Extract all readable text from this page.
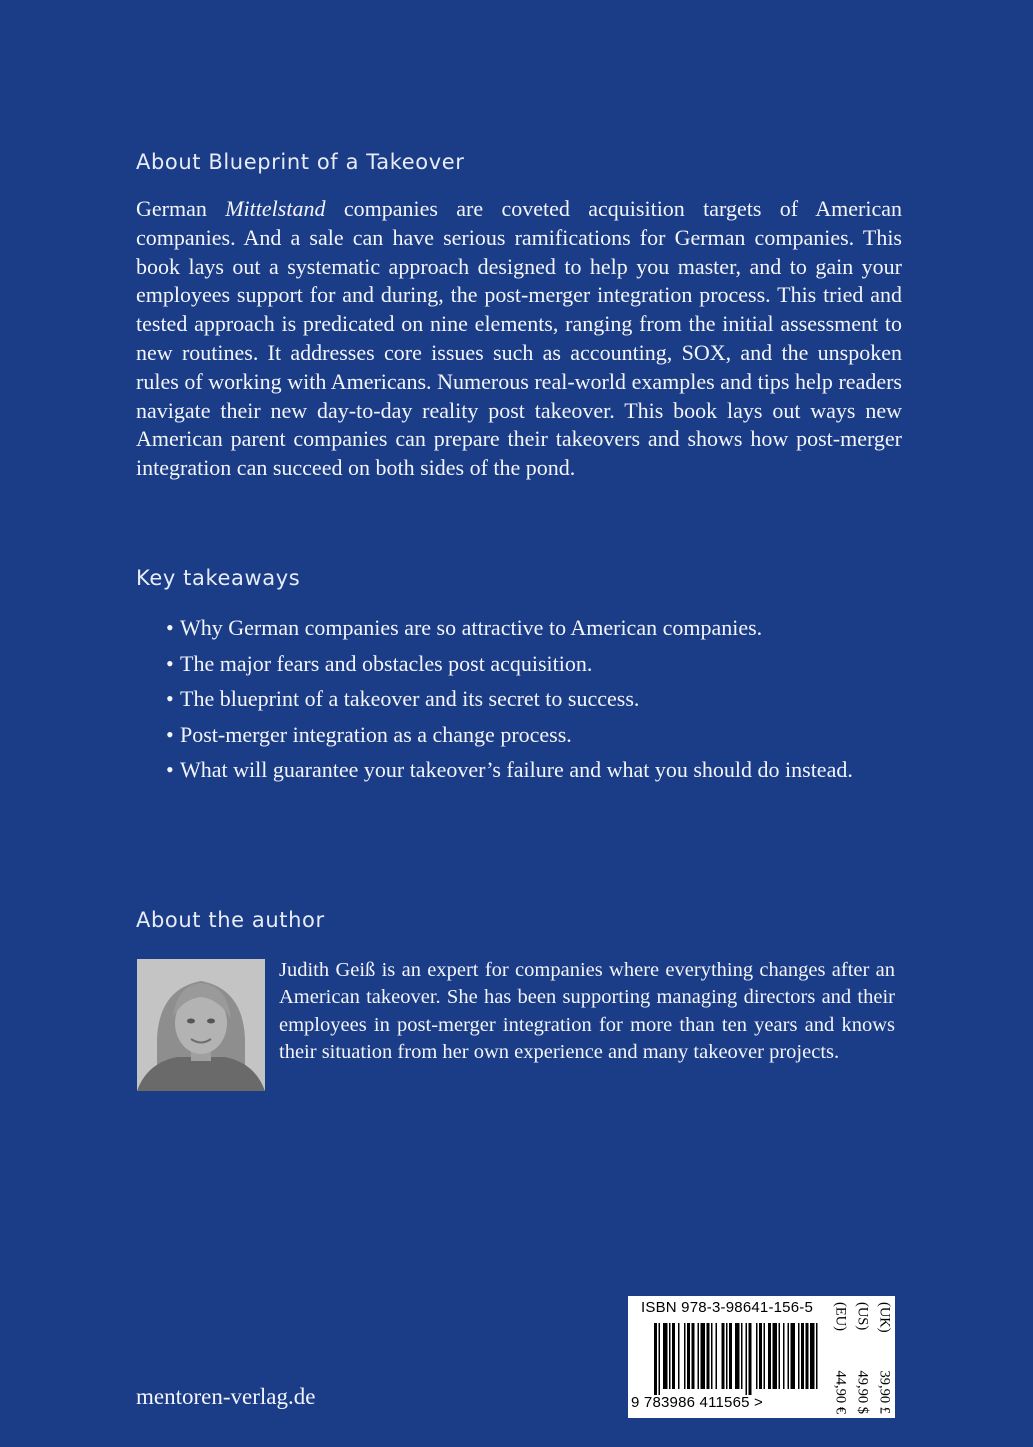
About Blueprint of a Takeover

German Mittelstand companies are coveted acquisition targets of American companies. And a sale can have serious ramifications for German companies. This book lays out a systematic approach designed to help you master, and to gain your employees support for and during, the post-merger integration process. This tried and tested approach is predicated on nine elements, ranging from the initial assessment to new routines. It addresses core issues such as accounting, SOX, and the unspoken rules of working with Americans. Numerous real-world examples and tips help readers navigate their new day-to-day reality post takeover. This book lays out ways new American parent companies can prepare their takeovers and shows how post-merger integration can succeed on both sides of the pond.

Key takeaways
• Why German companies are so attractive to American companies.
• The major fears and obstacles post acquisition.
• The blueprint of a takeover and its secret to success.
• Post-merger integration as a change process.
• What will guarantee your takeover’s failure and what you should do instead.
About the author

Judith Geiß is an expert for companies where everything changes after an American takeover. She has been supporting managing directors and their employees in post-merger integration for more than ten years and knows their situation from her own experience and many takeover projects.

mentoren-verlag.de
ISBN 978-3-98641-156-5
9 783986 411565 >
(EU)
44,90 €
(US)
49,90 $
(UK)
39,90 £
